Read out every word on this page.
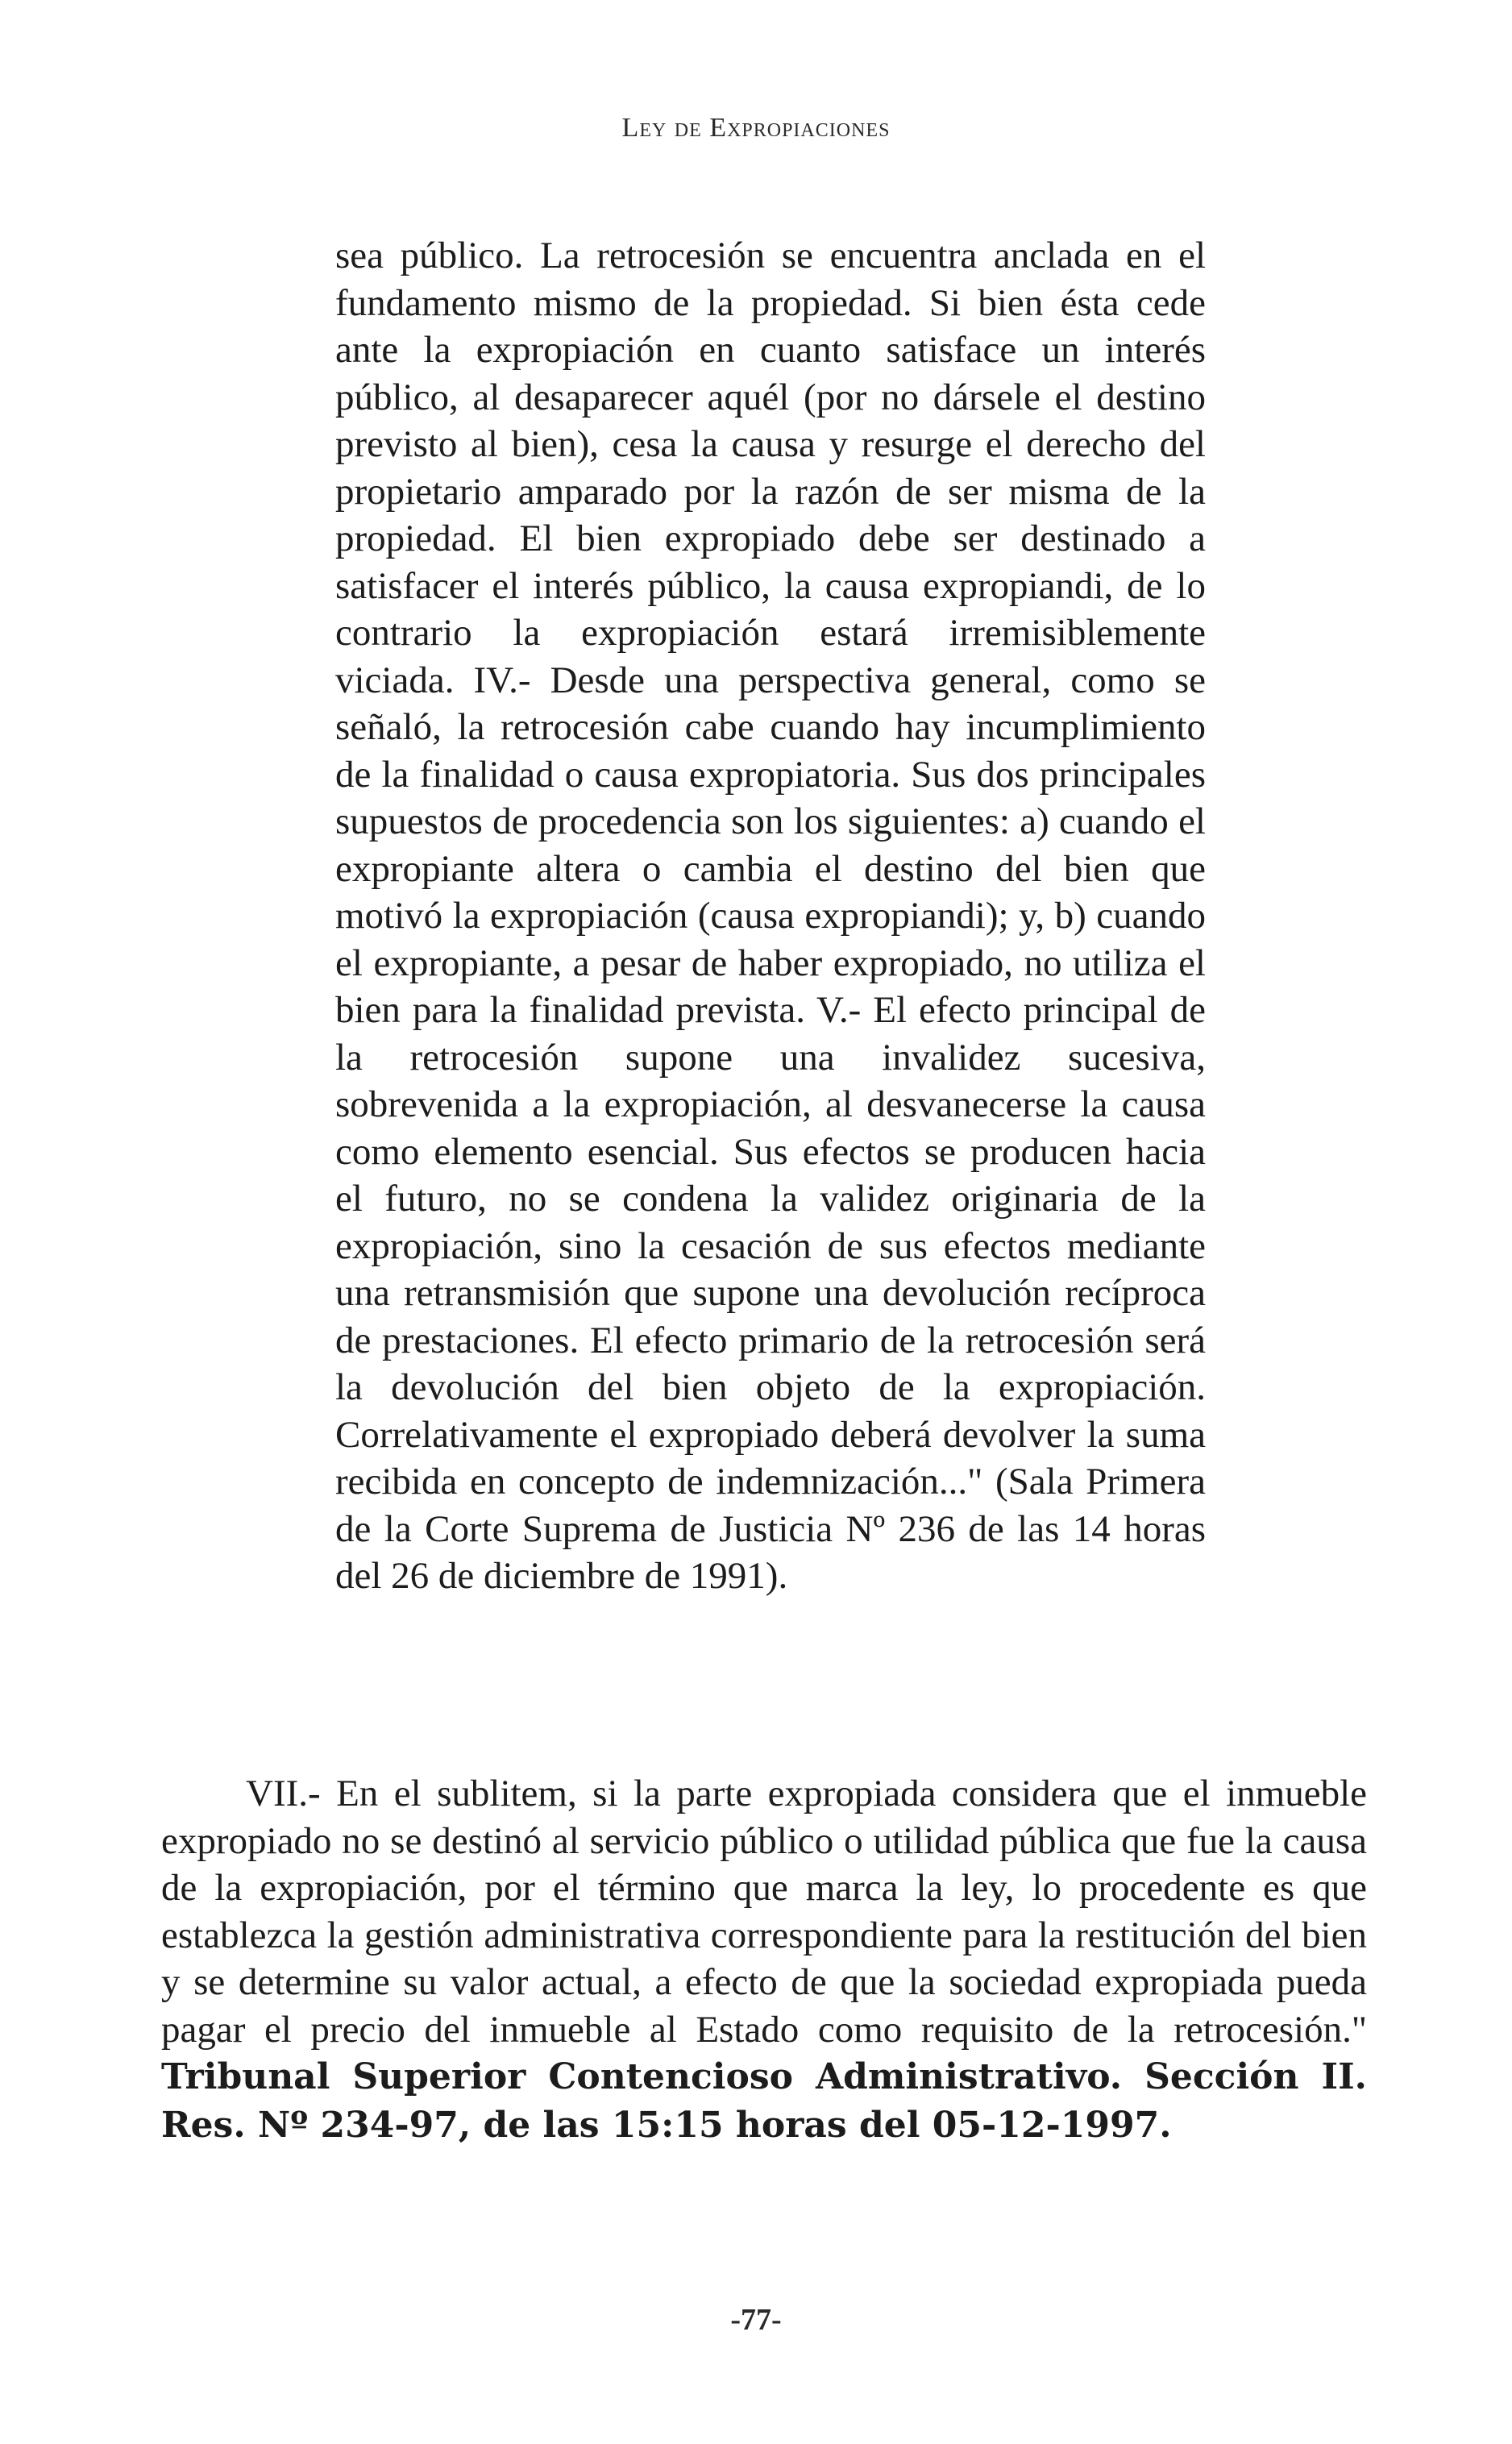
Ley de Expropiaciones
sea público. La retrocesión se encuentra anclada en el fundamento mismo de la propiedad. Si bien ésta cede ante la expropiación en cuanto satisface un interés público, al desaparecer aquél (por no dársele el destino previsto al bien), cesa la causa y resurge el derecho del propietario amparado por la razón de ser misma de la propiedad. El bien expropiado debe ser destinado a satisfacer el interés público, la causa expropiandi, de lo contrario la expropiación estará irremisiblemente viciada. IV.- Desde una perspectiva general, como se señaló, la retrocesión cabe cuando hay incumplimiento de la finalidad o causa expropiatoria. Sus dos principales supuestos de procedencia son los siguientes: a) cuando el expropiante altera o cambia el destino del bien que motivó la expropiación (causa expropiandi); y, b) cuando el expropiante, a pesar de haber expropiado, no utiliza el bien para la finalidad prevista. V.- El efecto principal de la retrocesión supone una invalidez sucesiva, sobrevenida a la expropiación, al desvanecerse la causa como elemento esencial. Sus efectos se producen hacia el futuro, no se condena la validez originaria de la expropiación, sino la cesación de sus efectos mediante una retransmisión que supone una devolución recíproca de prestaciones. El efecto primario de la retrocesión será la devolución del bien objeto de la expropiación. Correlativamente el expropiado deberá devolver la suma recibida en concepto de indemnización..." (Sala Primera de la Corte Suprema de Justicia Nº 236 de las 14 horas del 26 de diciembre de 1991).
VII.- En el sublitem, si la parte expropiada considera que el inmueble expropiado no se destinó al servicio público o utilidad pública que fue la causa de la expropiación, por el término que marca la ley, lo procedente es que establezca la gestión administrativa correspondiente para la restitución del bien y se determine su valor actual, a efecto de que la sociedad expropiada pueda pagar el precio del inmueble al Estado como requisito de la retrocesión." Tribunal Superior Contencioso Administrativo. Sección II. Res. Nº 234-97, de las 15:15 horas del 05-12-1997.
-77-
